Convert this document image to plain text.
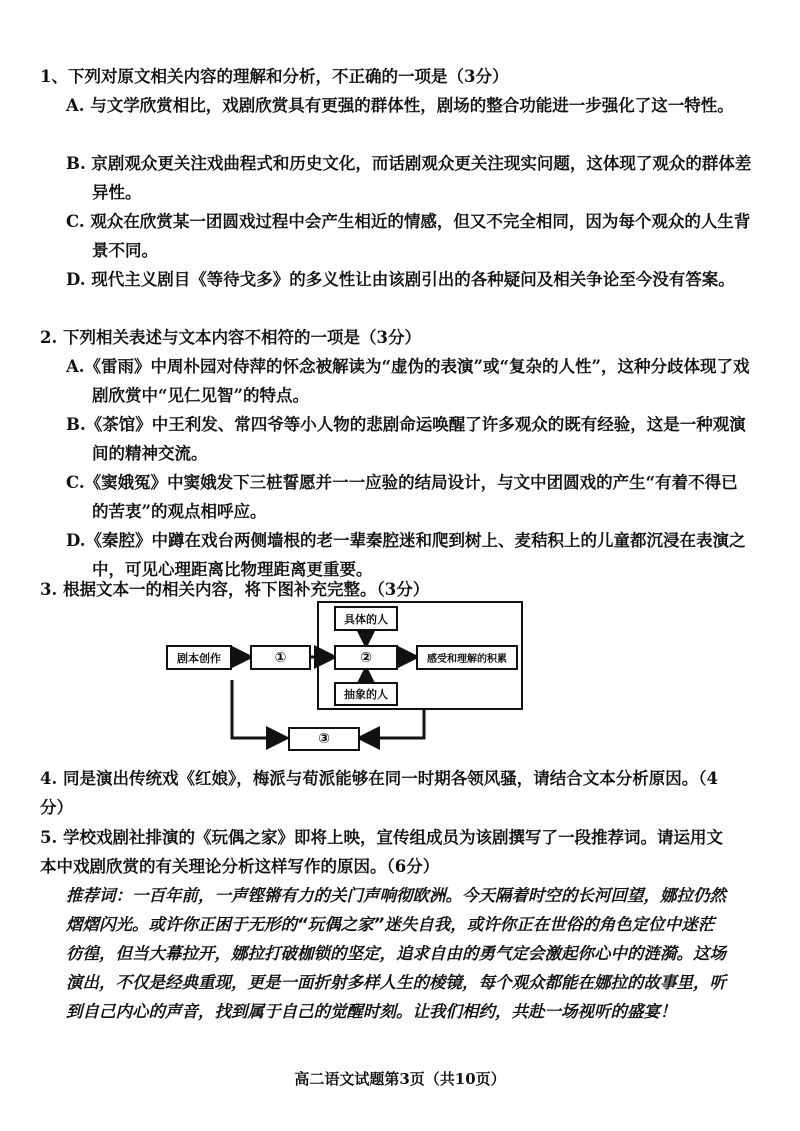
1、下列对原文相关内容的理解和分析，不正确的一项是（3分）
A. 与文学欣赏相比，戏剧欣赏具有更强的群体性，剧场的整合功能进一步强化了这一特性。
B. 京剧观众更关注戏曲程式和历史文化，而话剧观众更关注现实问题，这体现了观众的群体差异性。
C. 观众在欣赏某一团圆戏过程中会产生相近的情感，但又不完全相同，因为每个观众的人生背景不同。
D. 现代主义剧目《等待戈多》的多义性让由该剧引出的各种疑问及相关争论至今没有答案。
2. 下列相关表述与文本内容不相符的一项是（3分）
A.《雷雨》中周朴园对侍萍的怀念被解读为“虚伪的表演”或“复杂的人性”，这种分歧体现了戏剧欣赏中“见仁见智”的特点。
B.《茶馆》中王利发、常四爷等小人物的悲剧命运唤醒了许多观众的既有经验，这是一种观演间的精神交流。
C.《窦娥冤》中窦娥发下三桩誓愿并一一应验的结局设计，与文中团圆戏的产生“有着不得已的苦衷”的观点相呼应。
D.《秦腔》中蹲在戏台两侧墙根的老一辈秦腔迷和爬到树上、麦秸积上的儿童都沉浸在表演之中，可见心理距离比物理距离更重要。
3. 根据文本一的相关内容，将下图补充完整。（3分）
剧本创作	①
具体的人
②
抽象的人
感受和理解的积累
③
4. 同是演出传统戏《红娘》，梅派与荀派能够在同一时期各领风骚，请结合文本分析原因。（4分）
5. 学校戏剧社排演的《玩偶之家》即将上映，宣传组成员为该剧撰写了一段推荐词。请运用文本中戏剧欣赏的有关理论分析这样写作的原因。（6分）
推荐词：一百年前，一声铿锵有力的关门声响彻欧洲。今天隔着时空的长河回望，娜拉仍然熠熠闪光。或许你正困于无形的“玩偶之家”迷失自我，或许你正在世俗的角色定位中迷茫彷徨，但当大幕拉开，娜拉打破枷锁的坚定，追求自由的勇气定会激起你心中的涟漪。这场演出，不仅是经典重现，更是一面折射多样人生的棱镜，每个观众都能在娜拉的故事里，听到自己内心的声音，找到属于自己的觉醒时刻。让我们相约，共赴一场视听的盛宴！
高二语文试题第3页（共10页）
